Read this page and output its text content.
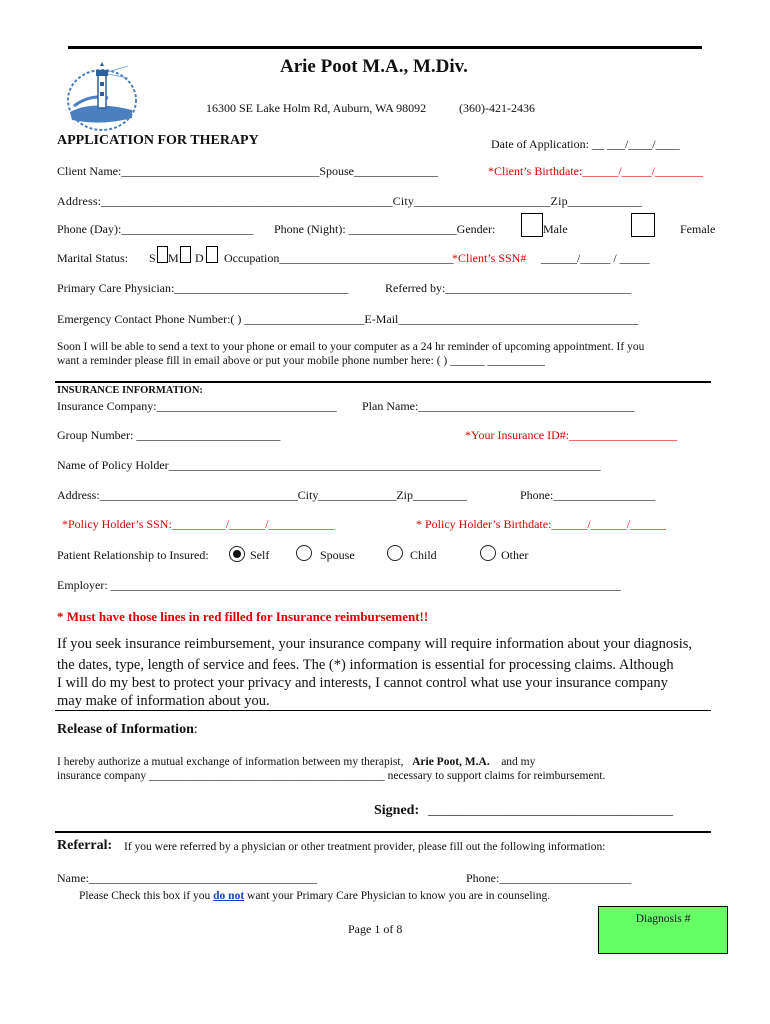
Arie Poot M.A., M.Div.
16300 SE Lake Holm Rd, Auburn, WA 98092	(360)-421-2436
APPLICATION FOR THERAPY	Date of Application: __ ___/____/____
Client Name:_________________________________Spouse______________	*Client’s Birthdate:______/_____/________
Address:_______________________________________________City______________________Zip____________
Phone (Day):______________________ Phone (Night): __________________Gender:	Male	Female
Marital Status: S M D Occupation_____________________________
*Client’s SSN# ______/_____ / _____
Primary Care Physician:_____________________________	Referred by:_______________________________
Emergency Contact Phone Number:( ) ____________________E-Mail________________________________________
Soon I will be able to send a text to your phone or email to your computer as a 24 hr reminder of upcoming appointment. If you
want a reminder please fill in email above or put your mobile phone number here: ( ) ______ __________
INSURANCE INFORMATION:
Insurance Company:______________________________ Plan Name:____________________________________
Group Number: ________________________	*Your Insurance ID#:__________________
Name of Policy Holder________________________________________________________________________
Address:_________________________________City_____________Zip_________	Phone:_________________
*Policy Holder’s SSN:_________/______/___________	* Policy Holder’s Birthdate:______/______/______
Patient Relationship to Insured:	Self	Spouse	Child	Other
Employer: _____________________________________________________________________________________
* Must have those lines in red filled for Insurance reimbursement!!
If you seek insurance reimbursement, your insurance company will require information about your diagnosis,
the dates, type, length of service and fees. The (*) information is essential for processing claims. Although
I will do my best to protect your privacy and interests, I cannot control what use your insurance company
may make of information about you.
Release of Information:
I hereby authorize a mutual exchange of information between my therapist, Arie Poot, M.A. and my
insurance company _________________________________________ necessary to support claims for reimbursement.
Signed: ___________________________________
Referral: If you were referred by a physician or other treatment provider, please fill out the following information:
Name:______________________________________	Phone:______________________
Please Check this box if you do not want your Primary Care Physician to know you are in counseling.
Page 1 of 8
Diagnosis #
